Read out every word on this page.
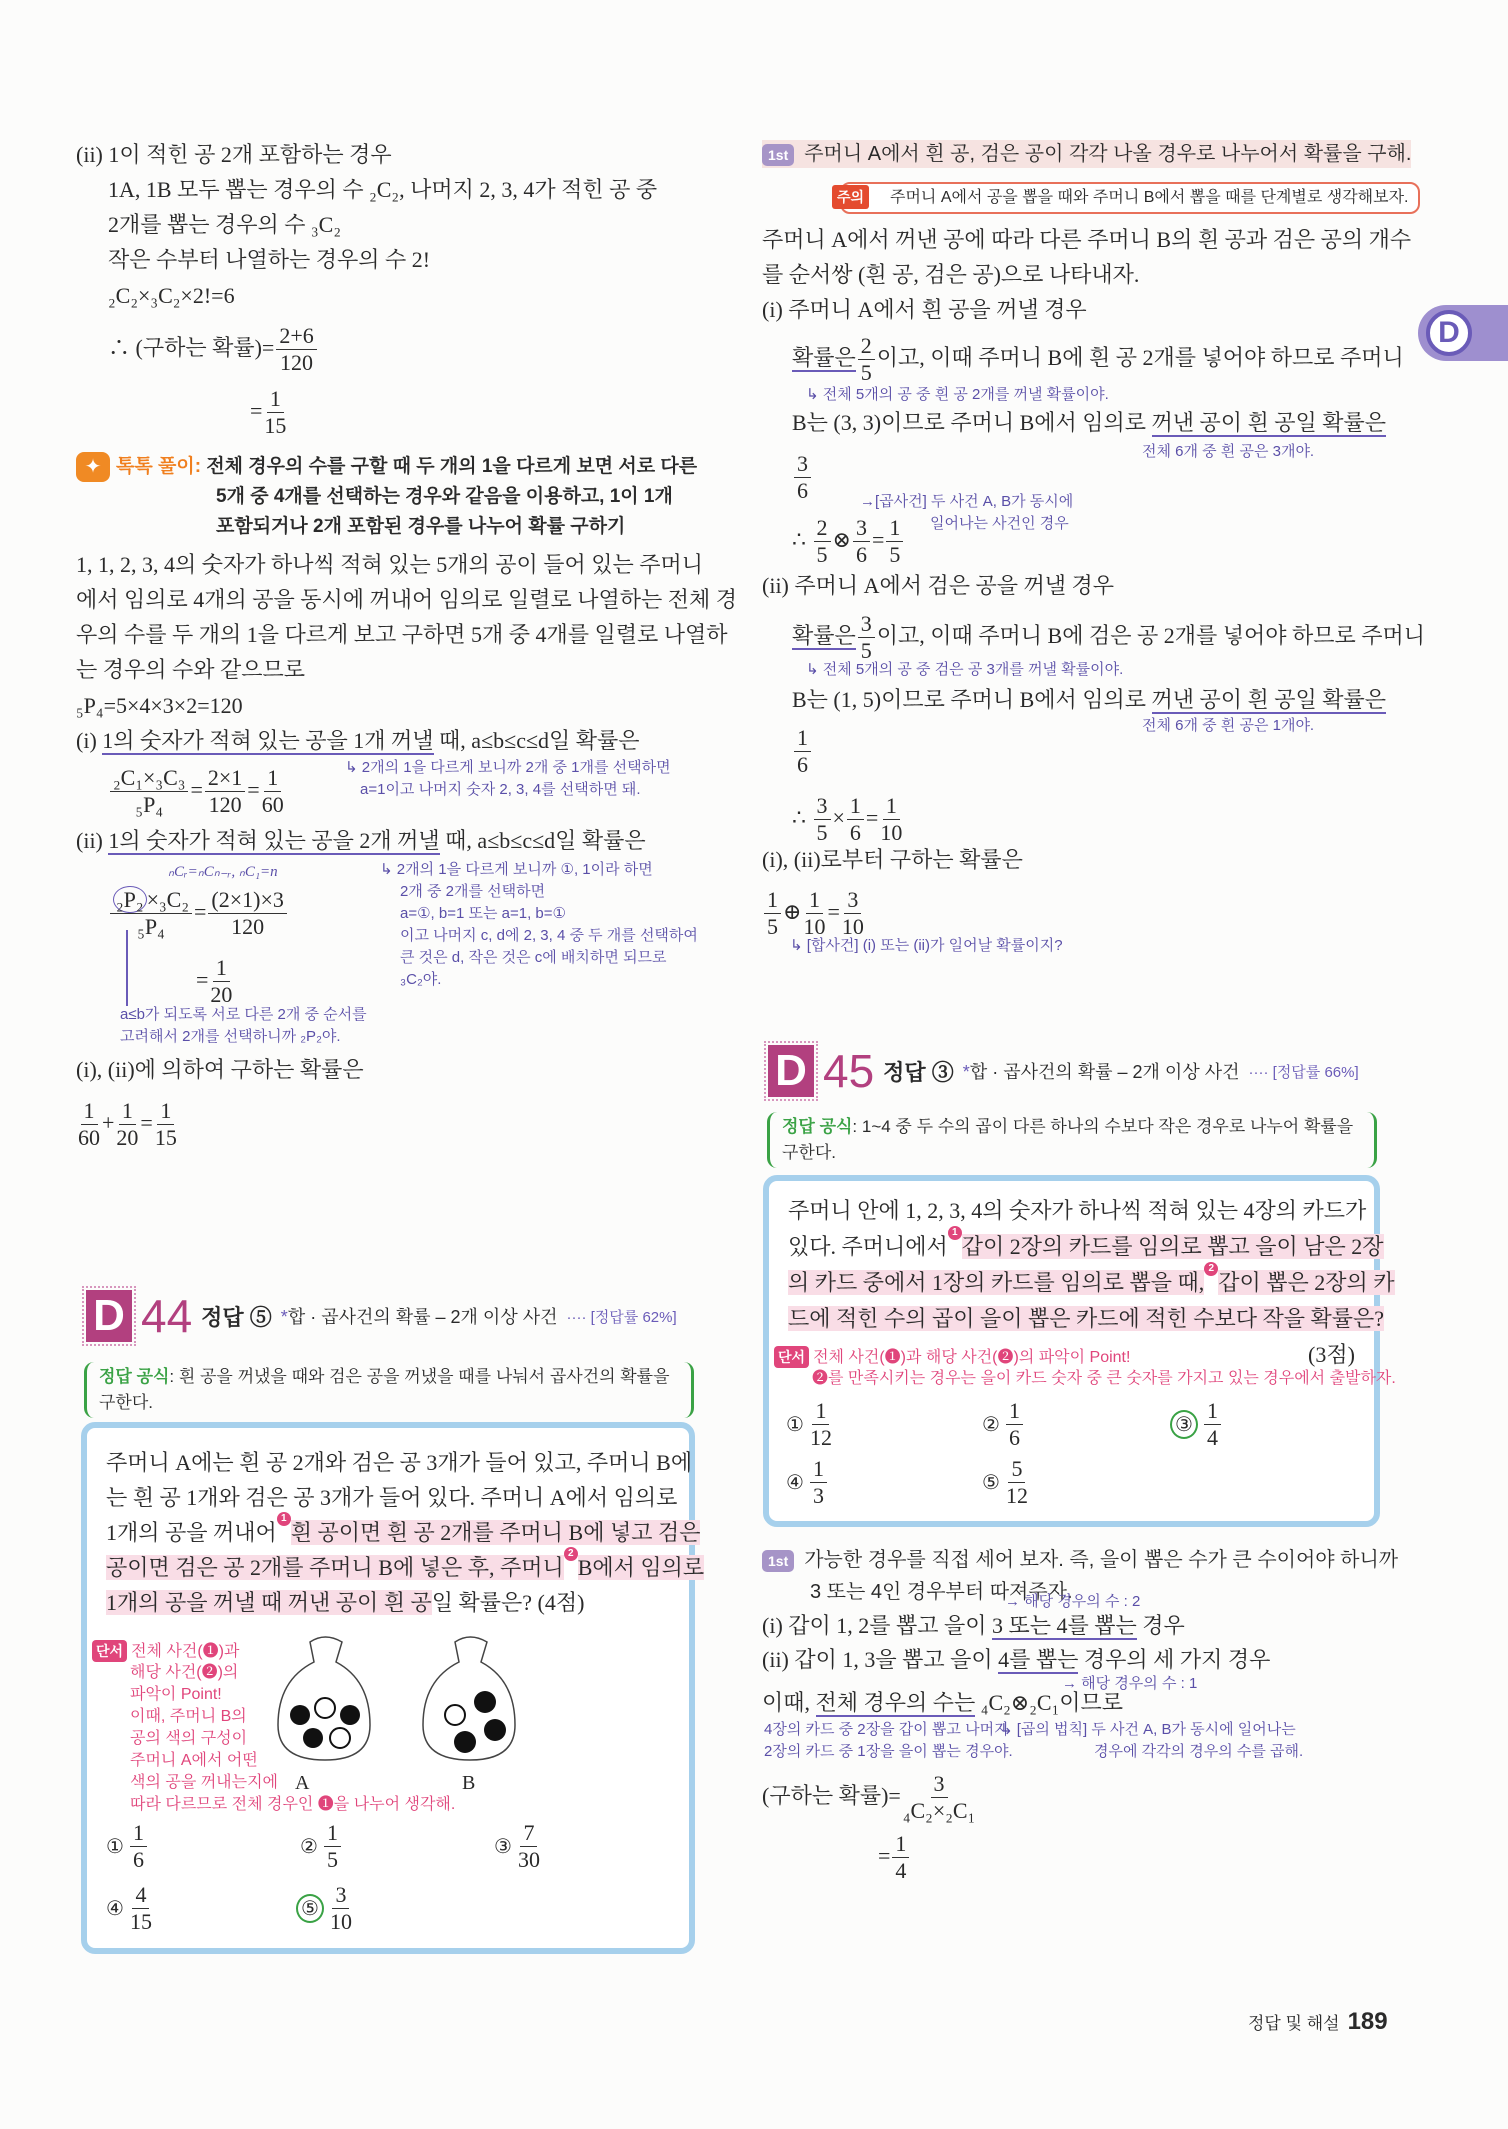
(ii) 1이 적힌 공 2개 포함하는 경우
1A, 1B 모두 뽑는 경우의 수 ₂C₂, 나머지 2, 3, 4가 적힌 공 중
2개를 뽑는 경우의 수 ₃C₂
작은 수부터 나열하는 경우의 수 2!
₂C₂×₃C₂×2!=6
∴ (구하는 확률)= $\frac{2+6}{120}$
= $\frac{1}{15}$
✦ 톡톡 풀이: 전체 경우의 수를 구할 때 두 개의 1을 다르게 보면 서로 다른
5개 중 4개를 선택하는 경우와 같음을 이용하고, 1이 1개
포함되거나 2개 포함된 경우를 나누어 확률 구하기
1, 1, 2, 3, 4의 숫자가 하나씩 적혀 있는 5개의 공이 들어 있는 주머니
에서 임의로 4개의 공을 동시에 꺼내어 임의로 일렬로 나열하는 전체 경
우의 수를 두 개의 1을 다르게 보고 구하면 5개 중 4개를 일렬로 나열하
는 경우의 수와 같으므로
₅P₄=5×4×3×2=120
(i) 1의 숫자가 적혀 있는 공을 1개 꺼낼 때, a≤b≤c≤d일 확률은
↳ 2개의 1을 다르게 보니까 2개 중 1개를 선택하면
a=1이고 나머지 숫자 2, 3, 4를 선택하면 돼.
$\frac{\text{₂C₁×₃C₃}}{\text{₅P₄}} = \frac{2\times 1}{120} = \frac{1}{60}$
(ii) 1의 숫자가 적혀 있는 공을 2개 꺼낼 때, a≤b≤c≤d일 확률은
ₙCᵣ=ₙCₙ₋ᵣ, ₙC₁=n
$\frac{\text{₂P₂ ×₃C₂}}{\text{₅P₄}} = \frac{(2\times 1)\times 3}{120}$
= $\frac{1}{20}$
↳ 2개의 1을 다르게 보니까 ①, 1이라 하면
2개 중 2개를 선택하면
a=①, b=1 또는 a=1, b=①
이고 나머지 c, d에 2, 3, 4 중 두 개를 선택하여
큰 것은 d, 작은 것은 c에 배치하면 되므로
₃C₂야.
a≤b가 되도록 서로 다른 2개 중 순서를
고려해서 2개를 선택하니까 ₂P₂야.
(i), (ii)에 의하여 구하는 확률은
$\frac{1}{60} + \frac{1}{20} = \frac{1}{15}$
D 44 정답 ⑤ *합 · 곱사건의 확률 – 2개 이상 사건 ···· [정답률 62%]
정답 공식: 흰 공을 꺼냈을 때와 검은 공을 꺼냈을 때를 나눠서 곱사건의 확률을 구한다.
주머니 A에는 흰 공 2개와 검은 공 3개가 들어 있고, 주머니 B에
는 흰 공 1개와 검은 공 3개가 들어 있다. 주머니 A에서 임의로
1개의 공을 꺼내어1흰 공이면 흰 공 2개를 주머니 B에 넣고 검은
공이면 검은 공 2개를 주머니 B에 넣은 후, 주머니2B에서 임의로
1개의 공을 꺼낼 때 꺼낸 공이 흰 공일 확률은? (4점)
단서 전체 사건(❶)과
해당 사건(❷)의
파악이 Point!
이때, 주머니 B의
공의 색의 구성이
주머니 A에서 어떤
색의 공을 꺼내는지에
따라 다르므로 전체 경우인 ❶을 나누어 생각해.
A	B
①
1
6	②
1
5	③
7
30
④
4
15	⑤
3
10
D
1st 주머니 A에서 흰 공, 검은 공이 각각 나올 경우로 나누어서 확률을 구해.
주의	주머니 A에서 공을 뽑을 때와 주머니 B에서 뽑을 때를 단계별로 생각해보자.
주머니 A에서 꺼낸 공에 따라 다른 주머니 B의 흰 공과 검은 공의 개수
를 순서쌍 (흰 공, 검은 공)으로 나타내자.
(i) 주머니 A에서 흰 공을 꺼낼 경우
확률은 $\frac{2}{5}$ 이고, 이때 주머니 B에 흰 공 2개를 넣어야 하므로 주머니
↳ 전체 5개의 공 중 흰 공 2개를 꺼낼 확률이야.
B는 (3, 3)이므로 주머니 B에서 임의로 꺼낸 공이 흰 공일 확률은
전체 6개 중 흰 공은 3개야.
$\frac{3}{6}$	→[곱사건] 두 사건 A, B가 동시에
일어나는 사건인 경우
∴ $\frac{2}{5}$ ⊗ $\frac{3}{6} = \frac{1}{5}$
(ii) 주머니 A에서 검은 공을 꺼낼 경우
확률은 $\frac{3}{5}$ 이고, 이때 주머니 B에 검은 공 2개를 넣어야 하므로 주머니
↳ 전체 5개의 공 중 검은 공 3개를 꺼낼 확률이야.
B는 (1, 5)이므로 주머니 B에서 임의로 꺼낸 공이 흰 공일 확률은
전체 6개 중 흰 공은 1개야.
$\frac{1}{6}$
∴ $\frac{3}{5} \times \frac{1}{6} = \frac{1}{10}$
(i), (ii)로부터 구하는 확률은
$\frac{1}{5}$ ⊕ $\frac{1}{10} = \frac{3}{10}$
↳ [합사건] (i) 또는 (ii)가 일어날 확률이지?
D 45 정답 ③ *합 · 곱사건의 확률 – 2개 이상 사건 ···· [정답률 66%]
정답 공식: 1~4 중 두 수의 곱이 다른 하나의 수보다 작은 경우로 나누어 확률을 구한다.
주머니 안에 1, 2, 3, 4의 숫자가 하나씩 적혀 있는 4장의 카드가
있다. 주머니에서1갑이 2장의 카드를 임의로 뽑고 을이 남은 2장
의 카드 중에서 1장의 카드를 임의로 뽑을 때,2갑이 뽑은 2장의 카
드에 적힌 수의 곱이 을이 뽑은 카드에 적힌 수보다 작을 확률은?
(3점)
단서 전체 사건(❶)과 해당 사건(❷)의 파악이 Point!
❷를 만족시키는 경우는 을이 카드 숫자 중 큰 숫자를 가지고 있는 경우에서 출발하자.
①
1
12	②
1
6	③
1
4
④
1
3	⑤
5
12
1st 가능한 경우를 직접 세어 보자. 즉, 을이 뽑은 수가 큰 수이어야 하니까
3 또는 4인 경우부터 따져주자.
→ 해당 경우의 수 : 2
(i) 갑이 1, 2를 뽑고 을이 3 또는 4를 뽑는 경우
(ii) 갑이 1, 3을 뽑고 을이 4를 뽑는 경우의 세 가지 경우
→ 해당 경우의 수 : 1
이때, 전체 경우의 수는 ₄C₂⊗₂C₁이므로
4장의 카드 중 2장을 갑이 뽑고 나머지
2장의 카드 중 1장을 을이 뽑는 경우야.
↳ [곱의 법칙] 두 사건 A, B가 동시에 일어나는
경우에 각각의 경우의 수를 곱해.
(구하는 확률)= $\frac{3}{\text{₄C₂×₂C₁}}$
= $\frac{1}{4}$
정답 및 해설 189
